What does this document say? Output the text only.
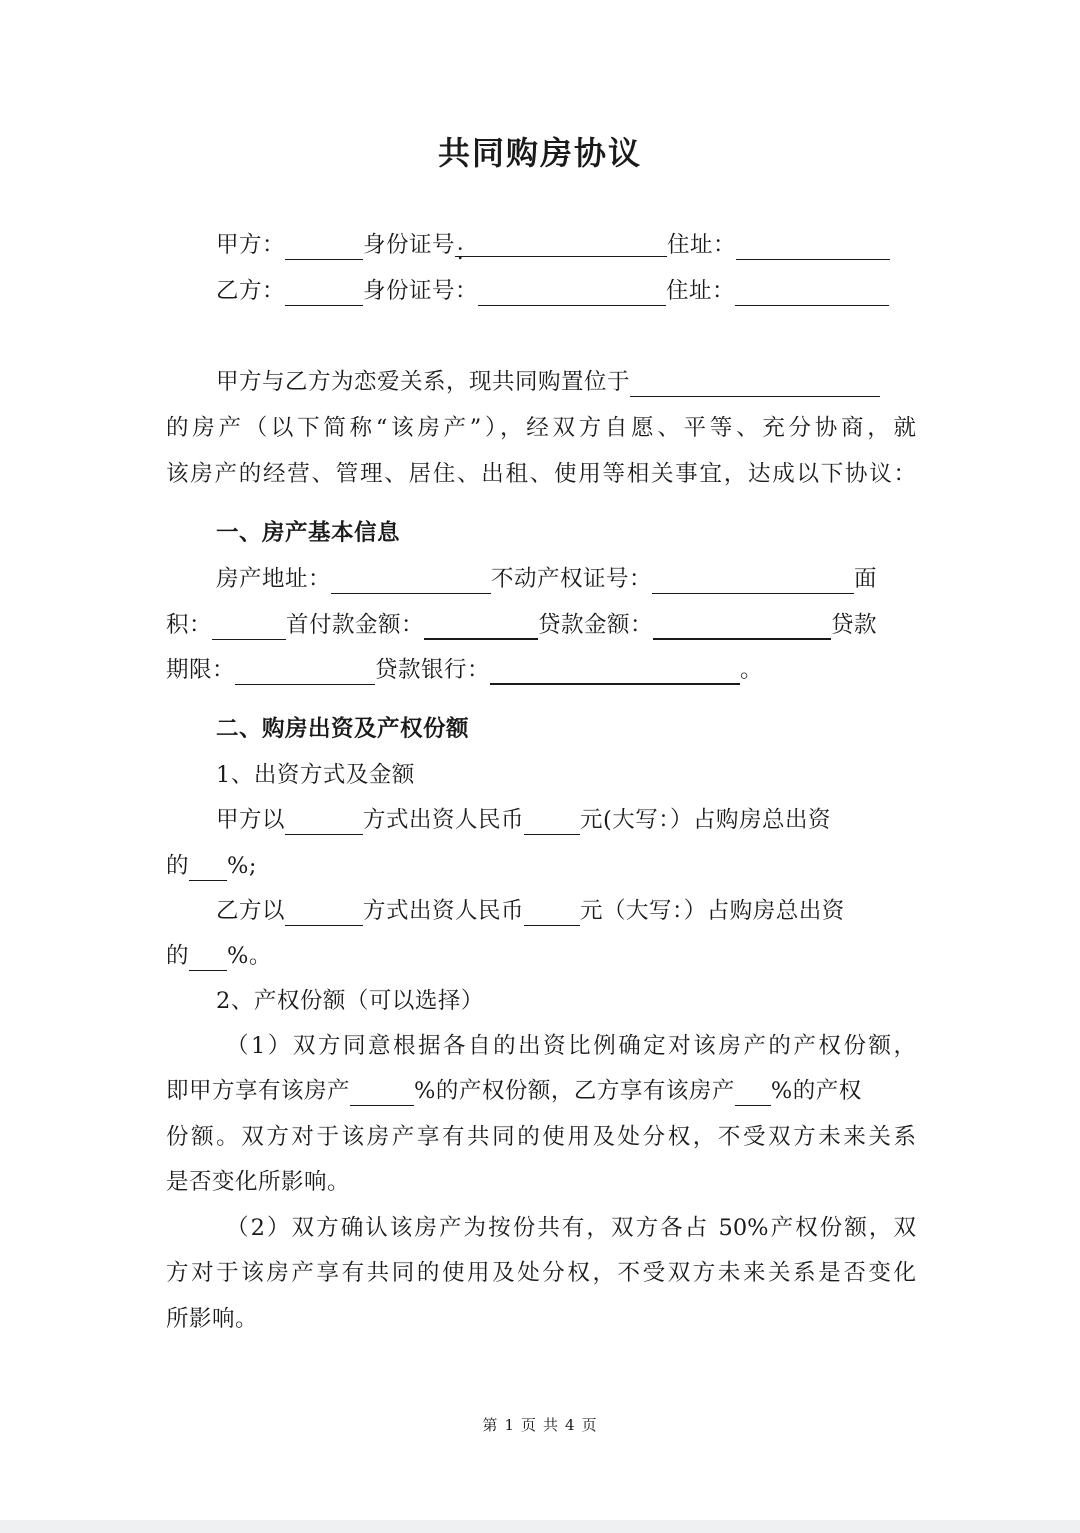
共同购房协议
甲方：	身份证号：	住址：
乙方：	身份证号：	住址：
甲方与乙方为恋爱关系，现共同购置位于
的房产（以下简称“该房产”），经双方自愿、平等、充分协商，就
该房产的经营、管理、居住、出租、使用等相关事宜，达成以下协议：
一、房产基本信息
房产地址：	不动产权证号：	面
积：	首付款金额：	贷款金额：	贷款
期限：	贷款银行：	。
二、购房出资及产权份额
1、出资方式及金额
甲方以	方式出资人民币 元(大写：）占购房总出资
的 %;
乙方以	方式出资人民币 元（大写：）占购房总出资
的 %。
2、产权份额（可以选择）
（1）双方同意根据各自的出资比例确定对该房产的产权份额，
即甲方享有该房产	%的产权份额，乙方享有该房产 %的产权
份额。双方对于该房产享有共同的使用及处分权，不受双方未来关系
是否变化所影响。
（2）双方确认该房产为按份共有，双方各占 50%产权份额，双
方对于该房产享有共同的使用及处分权，不受双方未来关系是否变化
所影响。
第 1 页 共 4 页
